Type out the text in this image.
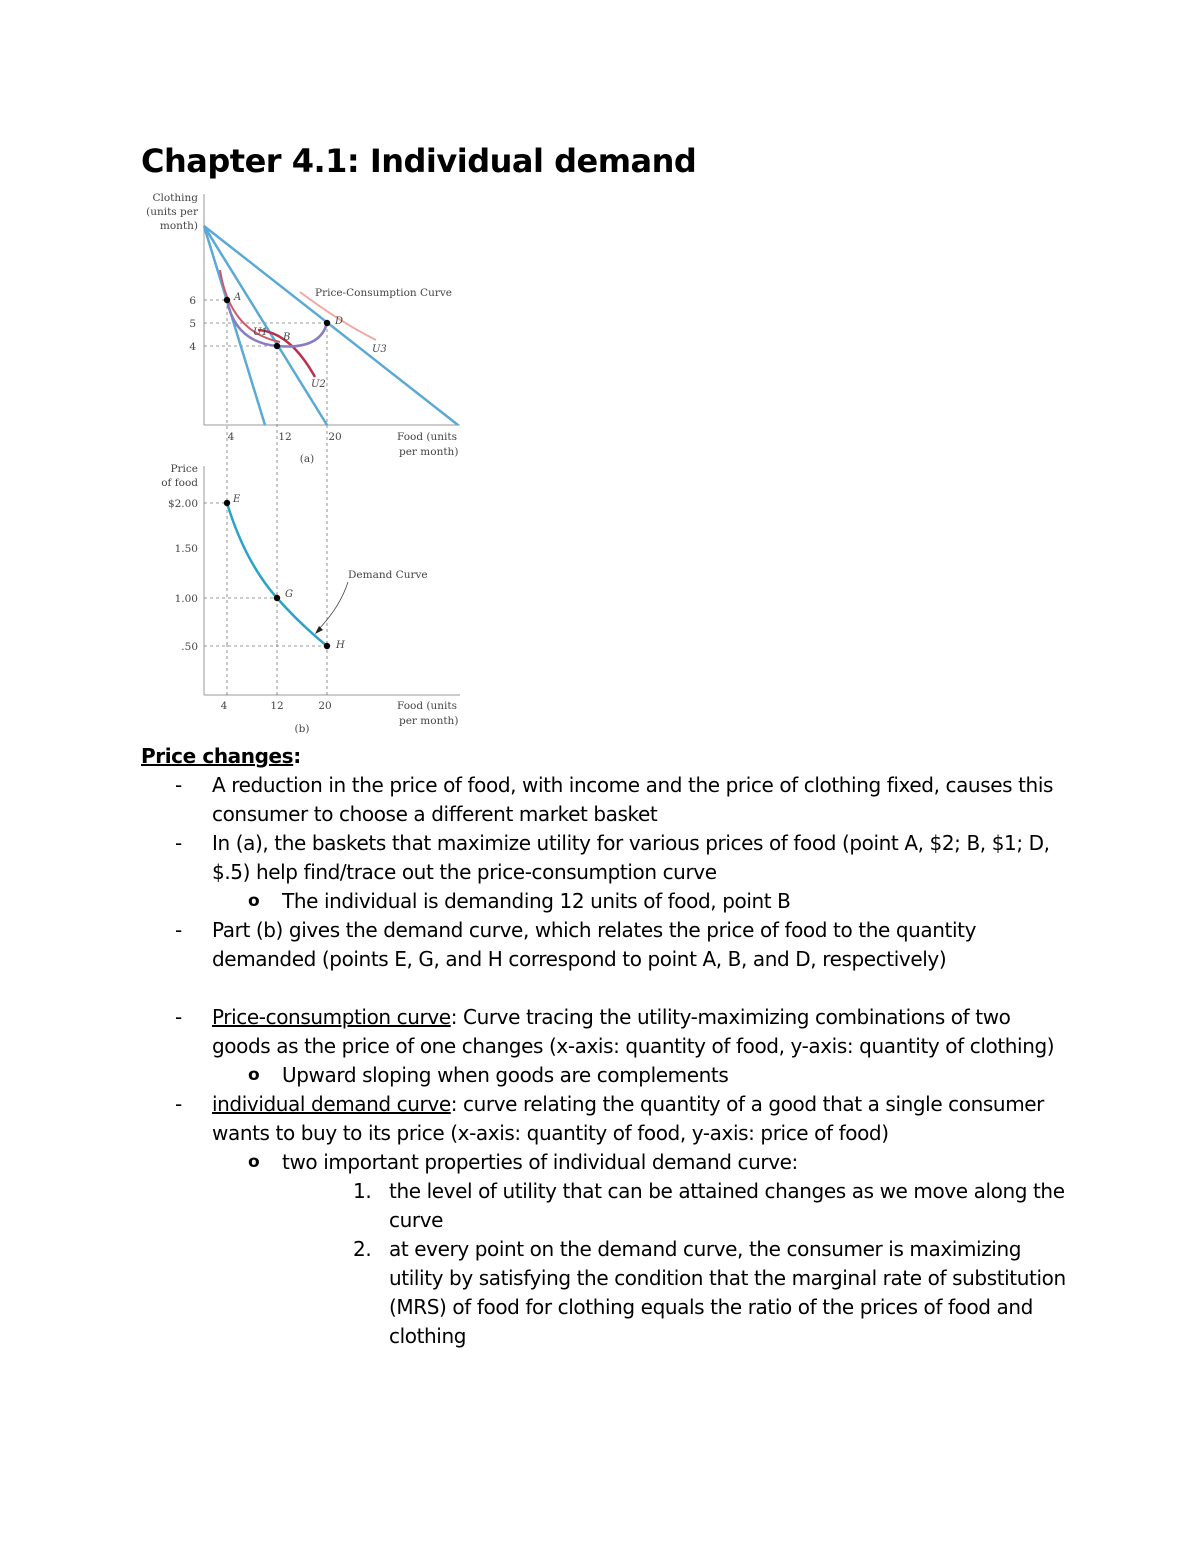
Chapter 4.1: Individual demand
Clothing
(units per
month)
6
5
4
4	12	20
(a)
Food (units
per month)
Price-Consumption Curve
A
B
D
U1
U2
U3
Price
of food
$2.00
1.50
1.00
.50
4	12	20
(b)
Food (units
per month)
Demand Curve
E
G
H
Price changes:
- A reduction in the price of food, with income and the price of clothing fixed, causes this
consumer to choose a different market basket
- In (a), the baskets that maximize utility for various prices of food (point A, $2; B, $1; D,
$.5) help find/trace out the price-consumption curve
o The individual is demanding 12 units of food, point B
- Part (b) gives the demand curve, which relates the price of food to the quantity
demanded (points E, G, and H correspond to point A, B, and D, respectively)
- Price-consumption curve: Curve tracing the utility-maximizing combinations of two
goods as the price of one changes (x-axis: quantity of food, y-axis: quantity of clothing)
o Upward sloping when goods are complements
- individual demand curve: curve relating the quantity of a good that a single consumer
wants to buy to its price (x-axis: quantity of food, y-axis: price of food)
o two important properties of individual demand curve:
1. the level of utility that can be attained changes as we move along the
curve
2. at every point on the demand curve, the consumer is maximizing
utility by satisfying the condition that the marginal rate of substitution
(MRS) of food for clothing equals the ratio of the prices of food and
clothing
